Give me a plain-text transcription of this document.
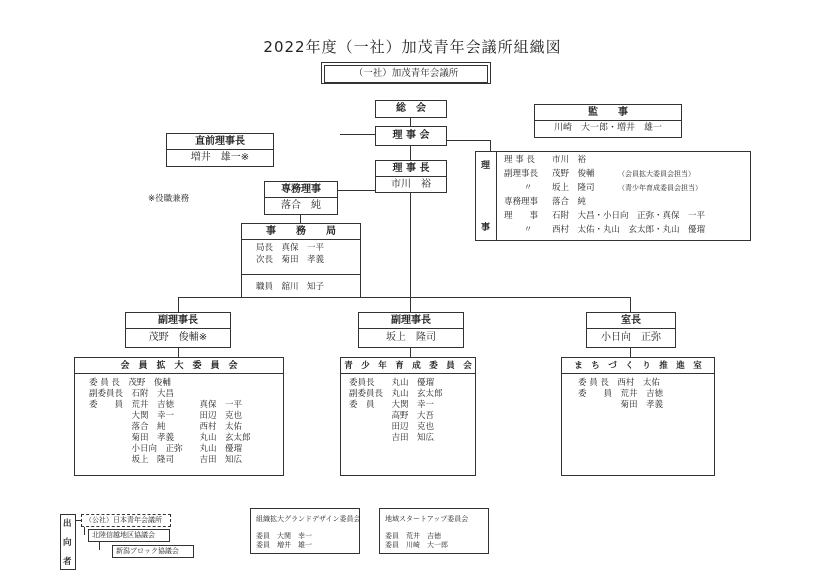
2022年度（一社）加茂青年会議所組織図
（一社）加茂青年会議所
総　会
理 事 会
理 事 長
市川　裕
直前理事長
増井　雄一※
専務理事
落合　純
※役職兼務
監　　事
川崎　大一郎・増井　雄一
理
事
理 事 長 市川　裕
副理事長 茂野　俊輔	（会員拡大委員会担当）
〃 坂上　隆司	（青少年育成委員会担当）
専務理事 落合　純
理　　事 石附　大昌・小日向　正弥・真保　一平
〃 西村　太佑・丸山　玄太郎・丸山　優瑠
事　　務　　局
局長　真保　一平
次長　菊田　孝義
職員　舘川　知子
副理事長
茂野　俊輔※
副理事長
坂上　隆司
室長
小日向　正弥
会　員　拡　大　委　員　会
委 員 長　茂野　俊輔
副委員長　石附　大昌
委　　員　荒井　吉徳　　　真保　一平
　　　　　大関　幸一　　　田辺　克也
　　　　　落合　純　　　　西村　太佑
　　　　　菊田　孝義　　　丸山　玄太郎
　　　　　小日向　正弥　　丸山　優瑠
　　　　　坂上　隆司　　　吉田　知広
青　少　年　育　成　委　員　会
委員長　　丸山　優瑠
副委員長　丸山　玄太郎
委　員　　大関　幸一
　　　　　高野　大吾
　　　　　田辺　克也
　　　　　吉田　知広
ま　ち　づ　く　り　推　進　室
委 員 長　西村　太佑
委　　員　荒井　吉徳
　　　　　菊田　孝義
出
向
者
（公社）日本青年会議所
北陸信越地区協議会
新潟ブロック協議会
組織拡大グランドデザイン委員会
委員　大関　幸一
委員　増井　雄一
地域スタートアップ委員会
委員　荒井　吉徳
委員　川崎　大一郎
